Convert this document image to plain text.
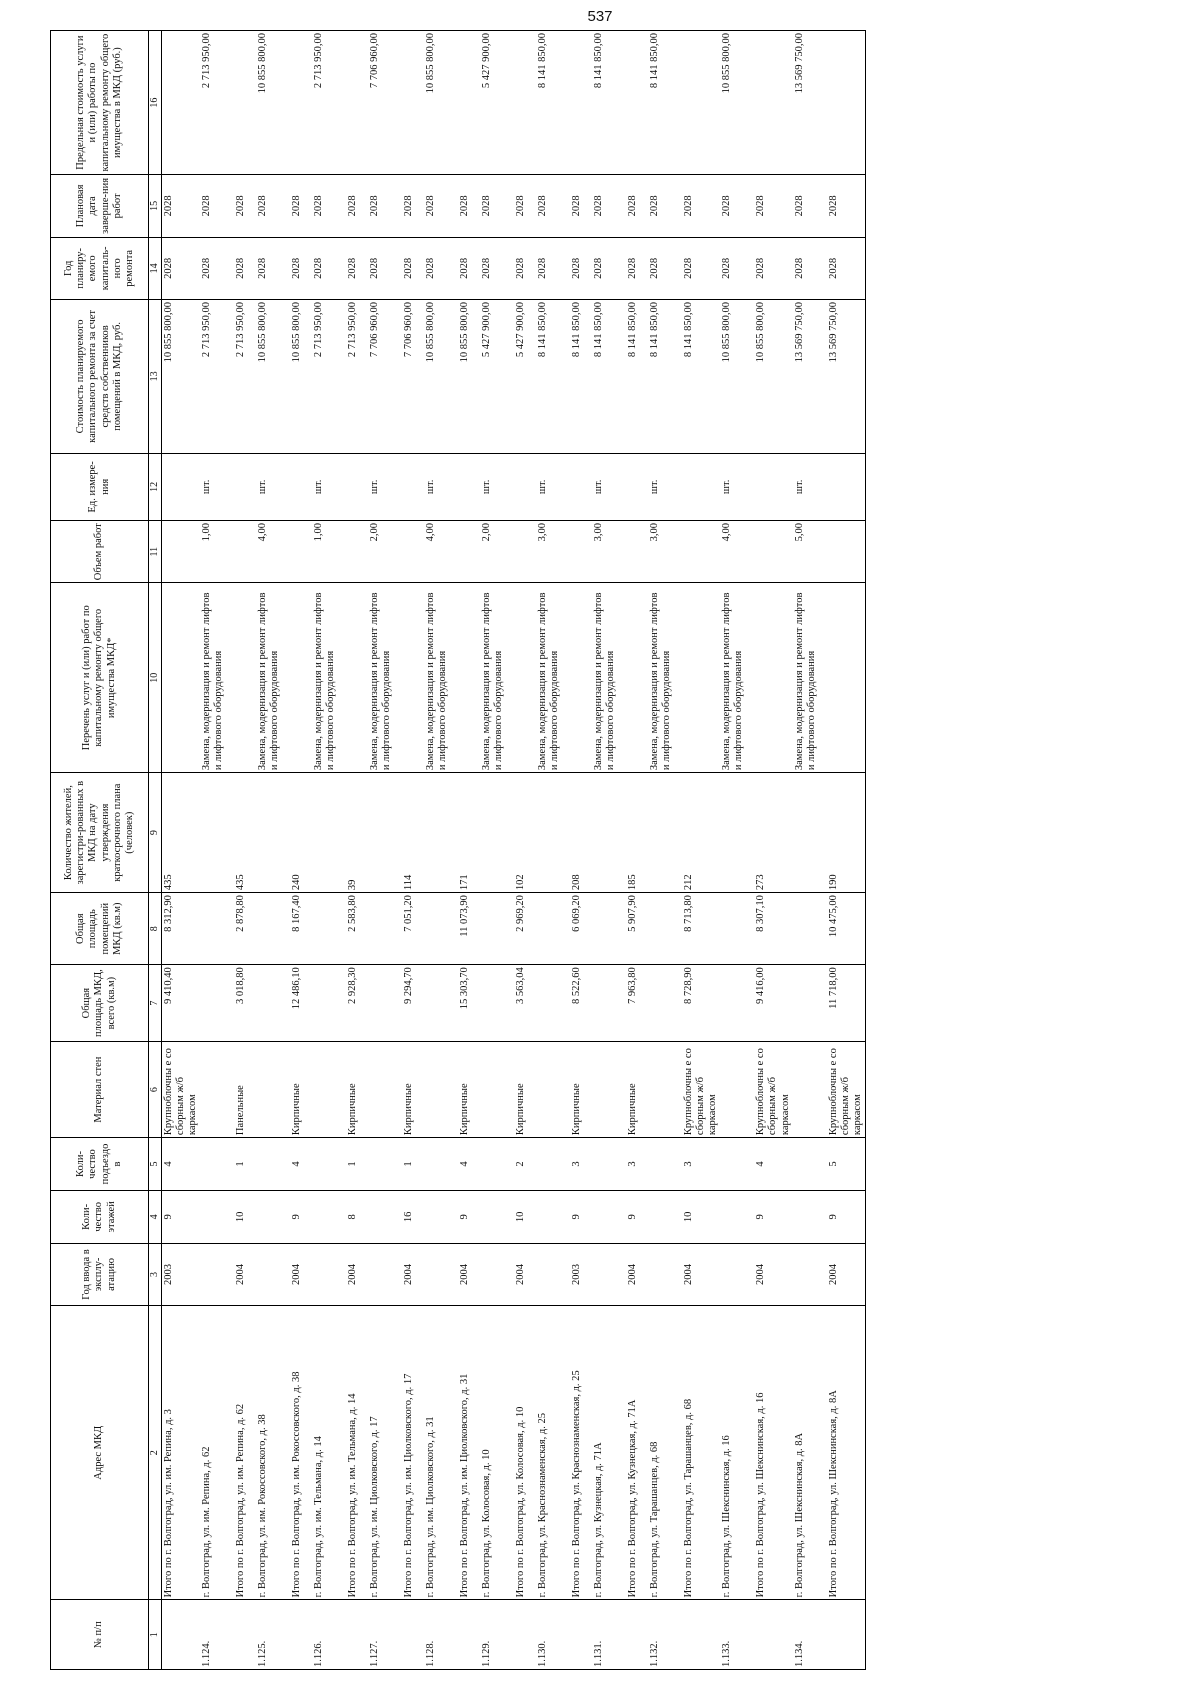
№ п/п	Адрес МКД	Год ввода в эксплу-атацию	Коли-чество этажей	Коли-чество подъездо в	Материал стен	Общая площадь МКД, всего (кв.м)	Общая площадь помещений МКД (кв.м)	Количество жителей, зарегистри-рованных в МКД на дату утверждения краткосрочного плана (человек)	Перечень услуг и (или) работ по капитальному ремонту общего имущества МКД*	Объем работ	Ед. измере-ния	Стоимость планируемого капитального ремонта за счет средств собственников помещений в МКД, руб.	Год планиру-емого капиталь-ного ремонта	Плановая дата заверше-ния работ	Предельная стоимость услуги и (или) работы по капитальному ремонту общего имущества в МКД (руб.)
1	2	3	4	5	6	7	8	9	10	11	12	13	14	15	16
	Итого по г. Волгоград, ул. им. Репина, д. 3	2003	9	4	Крупноблочны е со сборным ж/б каркасом	9 410,40	8 312,90	435				10 855 800,00	2028	2028	
1.124.	г. Волгоград, ул. им. Репина, д. 62								Замена, модернизация и ремонт лифтов и лифтового оборудования	1,00	шт.	2 713 950,00	2028	2028	2 713 950,00
	Итого по г. Волгоград, ул. им. Репина, д. 62	2004	10	1	Панельные	3 018,80	2 878,80	435				2 713 950,00	2028	2028	
1.125.	г. Волгоград, ул. им. Рокоссовского, д. 38								Замена, модернизация и ремонт лифтов и лифтового оборудования	4,00	шт.	10 855 800,00	2028	2028	10 855 800,00
	Итого по г. Волгоград, ул. им. Рокоссовского, д. 38	2004	9	4	Кирпичные	12 486,10	8 167,40	240				10 855 800,00	2028	2028	
1.126.	г. Волгоград, ул. им. Тельмана, д. 14								Замена, модернизация и ремонт лифтов и лифтового оборудования	1,00	шт.	2 713 950,00	2028	2028	2 713 950,00
	Итого по г. Волгоград, ул. им. Тельмана, д. 14	2004	8	1	Кирпичные	2 928,30	2 583,80	39				2 713 950,00	2028	2028	
1.127.	г. Волгоград, ул. им. Циолковского, д. 17								Замена, модернизация и ремонт лифтов и лифтового оборудования	2,00	шт.	7 706 960,00	2028	2028	7 706 960,00
	Итого по г. Волгоград, ул. им. Циолковского, д. 17	2004	16	1	Кирпичные	9 294,70	7 051,20	114				7 706 960,00	2028	2028	
1.128.	г. Волгоград, ул. им. Циолковского, д. 31								Замена, модернизация и ремонт лифтов и лифтового оборудования	4,00	шт.	10 855 800,00	2028	2028	10 855 800,00
	Итого по г. Волгоград, ул. им. Циолковского, д. 31	2004	9	4	Кирпичные	15 303,70	11 073,90	171				10 855 800,00	2028	2028	
1.129.	г. Волгоград, ул. Колосовая, д. 10								Замена, модернизация и ремонт лифтов и лифтового оборудования	2,00	шт.	5 427 900,00	2028	2028	5 427 900,00
	Итого по г. Волгоград, ул. Колосовая, д. 10	2004	10	2	Кирпичные	3 563,04	2 969,20	102				5 427 900,00	2028	2028	
1.130.	г. Волгоград, ул. Краснознаменская, д. 25								Замена, модернизация и ремонт лифтов и лифтового оборудования	3,00	шт.	8 141 850,00	2028	2028	8 141 850,00
	Итого по г. Волгоград, ул. Краснознаменская, д. 25	2003	9	3	Кирпичные	8 522,60	6 069,20	208				8 141 850,00	2028	2028	
1.131.	г. Волгоград, ул. Кузнецкая, д. 71А								Замена, модернизация и ремонт лифтов и лифтового оборудования	3,00	шт.	8 141 850,00	2028	2028	8 141 850,00
	Итого по г. Волгоград, ул. Кузнецкая, д. 71А	2004	9	3	Кирпичные	7 963,80	5 907,90	185				8 141 850,00	2028	2028	
1.132.	г. Волгоград, ул. Тарашанцев, д. 68								Замена, модернизация и ремонт лифтов и лифтового оборудования	3,00	шт.	8 141 850,00	2028	2028	8 141 850,00
	Итого по г. Волгоград, ул. Тарашанцев, д. 68	2004	10	3	Крупноблочны е со сборным ж/б каркасом	8 728,90	8 713,80	212				8 141 850,00	2028	2028	
1.133.	г. Волгоград, ул. Шекснинская, д. 16								Замена, модернизация и ремонт лифтов и лифтового оборудования	4,00	шт.	10 855 800,00	2028	2028	10 855 800,00
	Итого по г. Волгоград, ул. Шекснинская, д. 16	2004	9	4	Крупноблочны е со сборным ж/б каркасом	9 416,00	8 307,10	273				10 855 800,00	2028	2028	
1.134.	г. Волгоград, ул. Шекснинская, д. 8А								Замена, модернизация и ремонт лифтов и лифтового оборудования	5,00	шт.	13 569 750,00	2028	2028	13 569 750,00
	Итого по г. Волгоград, ул. Шекснинская, д. 8А	2004	9	5	Крупноблочны е со сборным ж/б каркасом	11 718,00	10 475,00	190				13 569 750,00	2028	2028	
537
